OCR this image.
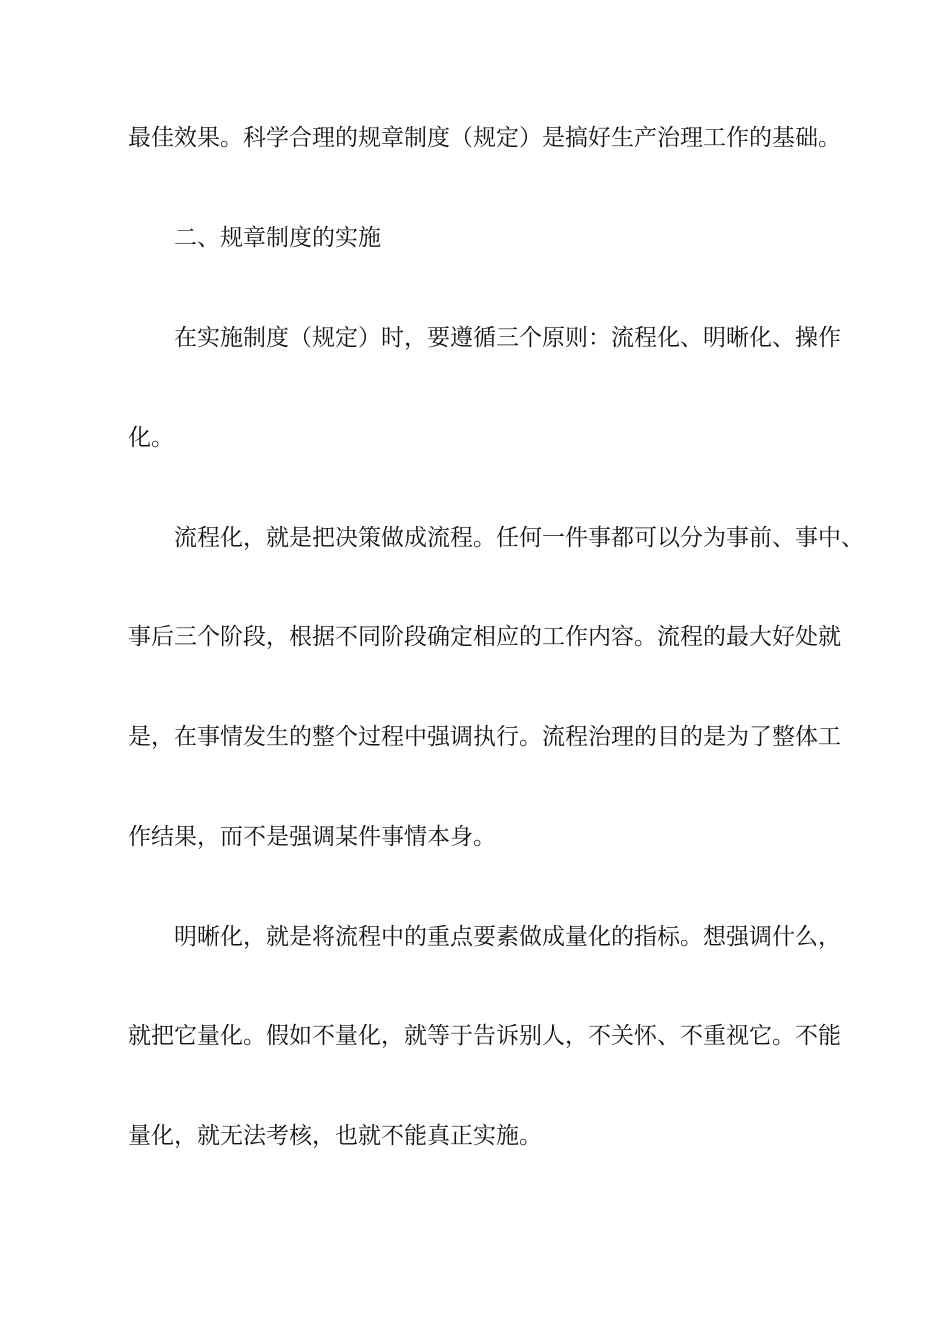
最佳效果。科学合理的规章制度（规定）是搞好生产治理工作的基础。
二、规章制度的实施
在实施制度（规定）时，要遵循三个原则：流程化、明晰化、操作
化。
流程化，就是把决策做成流程。任何一件事都可以分为事前、事中、
事后三个阶段，根据不同阶段确定相应的工作内容。流程的最大好处就
是，在事情发生的整个过程中强调执行。流程治理的目的是为了整体工
作结果，而不是强调某件事情本身。
明晰化，就是将流程中的重点要素做成量化的指标。想强调什么，
就把它量化。假如不量化，就等于告诉别人，不关怀、不重视它。不能
量化，就无法考核，也就不能真正实施。
